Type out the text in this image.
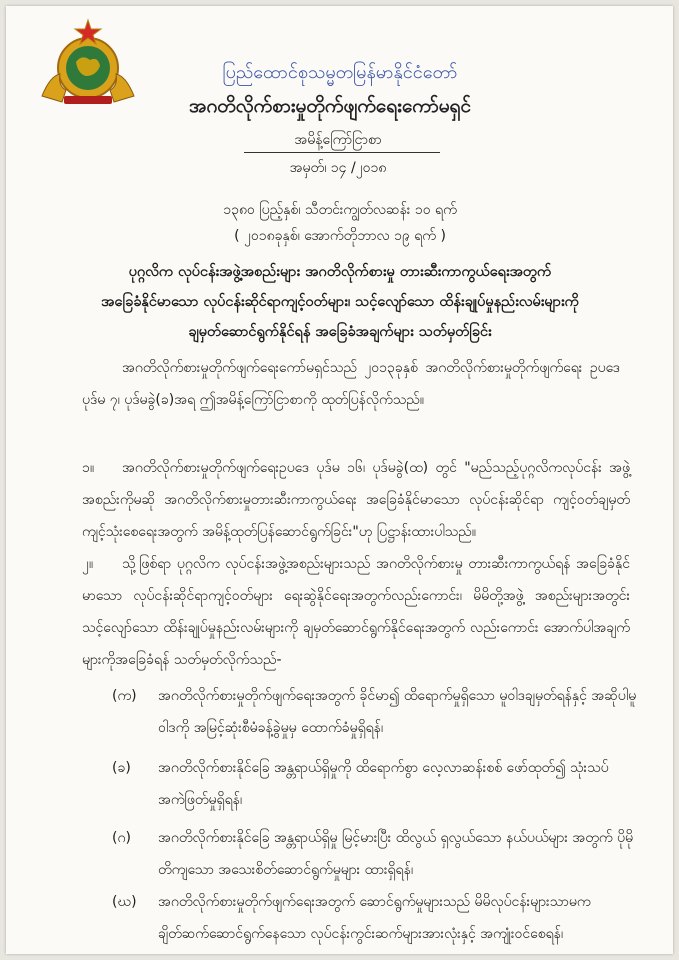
ပြည်ထောင်စုသမ္မတမြန်မာနိုင်ငံတော်
အဂတိလိုက်စားမှုတိုက်ဖျက်ရေးကော်မရှင်
အမိန့်ကြော်ငြာစာ
အမှတ်၊ ၁၄ /၂၀၁၈
၁၃၈၀ ပြည့်နှစ်၊ သီတင်းကျွတ်လဆန်း ၁၀ ရက်
( ၂၀၁၈ခုနှစ်၊ အောက်တိုဘာလ ၁၉ ရက် )
ပုဂ္ဂလိက လုပ်ငန်းအဖွဲ့အစည်းများ အဂတိလိုက်စားမှု တားဆီးကာကွယ်ရေးအတွက်
အခြေခံနိုင်မာသော လုပ်ငန်းဆိုင်ရာကျင့်ဝတ်များ၊ သင့်လျော်သော ထိန်းချုပ်မှုနည်းလမ်းများကို
ချမှတ်ဆောင်ရွက်နိုင်ရန် အခြေခံအချက်များ သတ်မှတ်ခြင်း
အဂတိလိုက်စားမှုတိုက်ဖျက်ရေးကော်မရှင်သည် ၂၀၁၃ခုနှစ် အဂတိလိုက်စားမှုတိုက်ဖျက်ရေး ဥပဒေ ပုဒ်မ ၇၊ ပုဒ်မခွဲ(ခ)အရ ဤအမိန့်ကြော်ငြာစာကို ထုတ်ပြန်လိုက်သည်။
၁။ အဂတိလိုက်စားမှုတိုက်ဖျက်ရေးဥပဒေ ပုဒ်မ ၁၆၊ ပုဒ်မခွဲ(ထ) တွင် "မည်သည့်ပုဂ္ဂလိကလုပ်ငန်း အဖွဲ့အစည်းကိုမဆို အဂတိလိုက်စားမှုတားဆီးကာကွယ်ရေး အခြေခံနိုင်မာသော လုပ်ငန်းဆိုင်ရာ ကျင့်ဝတ်ချမှတ်ကျင့်သုံးစေရေးအတွက် အမိန့်ထုတ်ပြန်ဆောင်ရွက်ခြင်း"ဟု ပြဋ္ဌာန်းထားပါသည်။
၂။ သို့ဖြစ်ရာ ပုဂ္ဂလိက လုပ်ငန်းအဖွဲ့အစည်းများသည် အဂတိလိုက်စားမှု တားဆီးကာကွယ်ရန် အခြေခံနိုင်မာသော လုပ်ငန်းဆိုင်ရာကျင့်ဝတ်များ ရေးဆွဲနိုင်ရေးအတွက်လည်းကောင်း၊ မိမိတို့အဖွဲ့ အစည်းများအတွင်း သင့်လျော်သော ထိန်းချုပ်မှုနည်းလမ်းများကို ချမှတ်ဆောင်ရွက်နိုင်ရေးအတွက် လည်းကောင်း အောက်ပါအချက်များကိုအခြေခံရန် သတ်မှတ်လိုက်သည်-
(က)	အဂတိလိုက်စားမှုတိုက်ဖျက်ရေးအတွက် ခိုင်မာ၍ ထိရောက်မှုရှိသော မူဝါဒချမှတ်ရန်နှင့် အဆိုပါမူဝါဒကို အမြင့်ဆုံးစီမံခန့်ခွဲမှုမှ ထောက်ခံမှုရှိရန်၊
(ခ)	အဂတိလိုက်စားနိုင်ခြေ အန္တရာယ်ရှိမှုကို ထိရောက်စွာ လေ့လာဆန်းစစ် ဖော်ထုတ်၍ သုံးသပ်အကဲဖြတ်မှုရှိရန်၊
(ဂ)	အဂတိလိုက်စားနိုင်ခြေ အန္တရာယ်ရှိမှု မြင့်မားပြီး ထိလွယ် ရှလွယ်သော နယ်ပယ်များ အတွက် ပိုမိုတိကျသော အသေးစိတ်ဆောင်ရွက်မှုများ ထားရှိရန်၊
(ဃ)	အဂတိလိုက်စားမှုတိုက်ဖျက်ရေးအတွက် ဆောင်ရွက်မှုများသည် မိမိလုပ်ငန်းများသာမက ချိတ်ဆက်ဆောင်ရွက်နေသော လုပ်ငန်းကွင်းဆက်များအားလုံးနှင့် အကျုံးဝင်စေရန်၊
